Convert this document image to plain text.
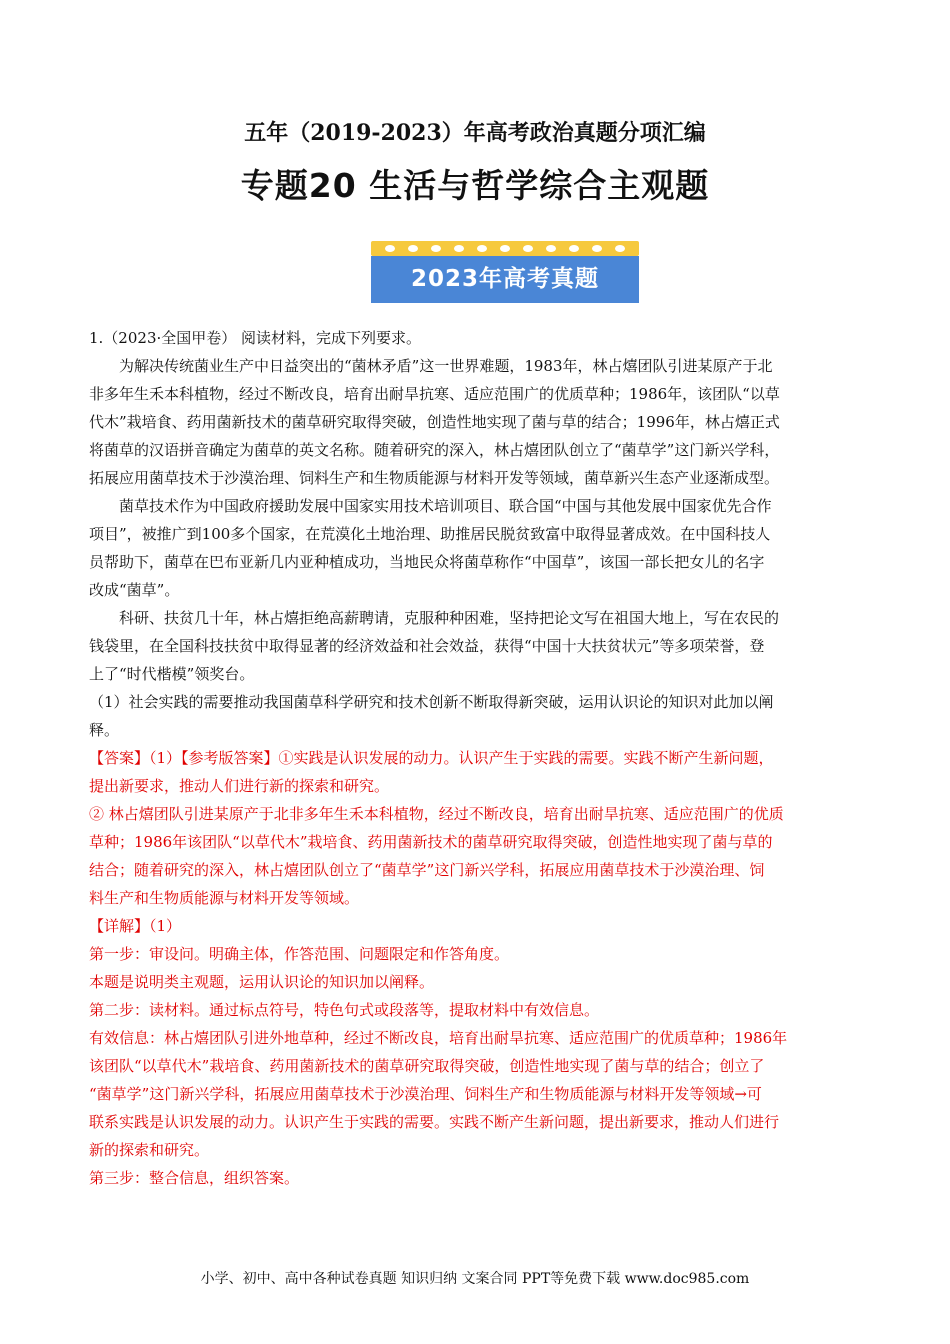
五年（2019-2023）年高考政治真题分项汇编
专题20 生活与哲学综合主观题
2023年高考真题
1.（2023·全国甲卷） 阅读材料，完成下列要求。
为解决传统菌业生产中日益突出的“菌林矛盾”这一世界难题，1983年，林占熺团队引进某原产于北
非多年生禾本科植物，经过不断改良，培育出耐旱抗寒、适应范围广的优质草种；1986年，该团队“以草
代木”栽培食、药用菌新技术的菌草研究取得突破，创造性地实现了菌与草的结合；1996年，林占熺正式
将菌草的汉语拼音确定为菌草的英文名称。随着研究的深入，林占熺团队创立了“菌草学”这门新兴学科，
拓展应用菌草技术于沙漠治理、饲料生产和生物质能源与材料开发等领域，菌草新兴生态产业逐渐成型。
菌草技术作为中国政府援助发展中国家实用技术培训项目、联合国“中国与其他发展中国家优先合作
项目”，被推广到100多个国家，在荒漠化土地治理、助推居民脱贫致富中取得显著成效。在中国科技人
员帮助下，菌草在巴布亚新几内亚种植成功，当地民众将菌草称作“中国草”，该国一部长把女儿的名字
改成“菌草”。
科研、扶贫几十年，林占熺拒绝高薪聘请，克服种种困难，坚持把论文写在祖国大地上，写在农民的
钱袋里，在全国科技扶贫中取得显著的经济效益和社会效益，获得“中国十大扶贫状元”等多项荣誉，登
上了“时代楷模”领奖台。
（1）社会实践的需要推动我国菌草科学研究和技术创新不断取得新突破，运用认识论的知识对此加以阐
释。
【答案】（1）【参考版答案】①实践是认识发展的动力。认识产生于实践的需要。实践不断产生新问题，
提出新要求，推动人们进行新的探索和研究。
② 林占熺团队引进某原产于北非多年生禾本科植物，经过不断改良，培育出耐旱抗寒、适应范围广的优质
草种；1986年该团队“以草代木”栽培食、药用菌新技术的菌草研究取得突破，创造性地实现了菌与草的
结合；随着研究的深入，林占熺团队创立了“菌草学”这门新兴学科，拓展应用菌草技术于沙漠治理、饲
料生产和生物质能源与材料开发等领域。
【详解】（1）
第一步：审设问。明确主体，作答范围、问题限定和作答角度。
本题是说明类主观题，运用认识论的知识加以阐释。
第二步：读材料。通过标点符号，特色句式或段落等，提取材料中有效信息。
有效信息：林占熺团队引进外地草种，经过不断改良，培育出耐旱抗寒、适应范围广的优质草种；1986年
该团队“以草代木”栽培食、药用菌新技术的菌草研究取得突破，创造性地实现了菌与草的结合；创立了
“菌草学”这门新兴学科，拓展应用菌草技术于沙漠治理、饲料生产和生物质能源与材料开发等领域→可
联系实践是认识发展的动力。认识产生于实践的需要。实践不断产生新问题，提出新要求，推动人们进行
新的探索和研究。
第三步：整合信息，组织答案。
小学、初中、高中各种试卷真题 知识归纳 文案合同 PPT等免费下载 www.doc985.com
